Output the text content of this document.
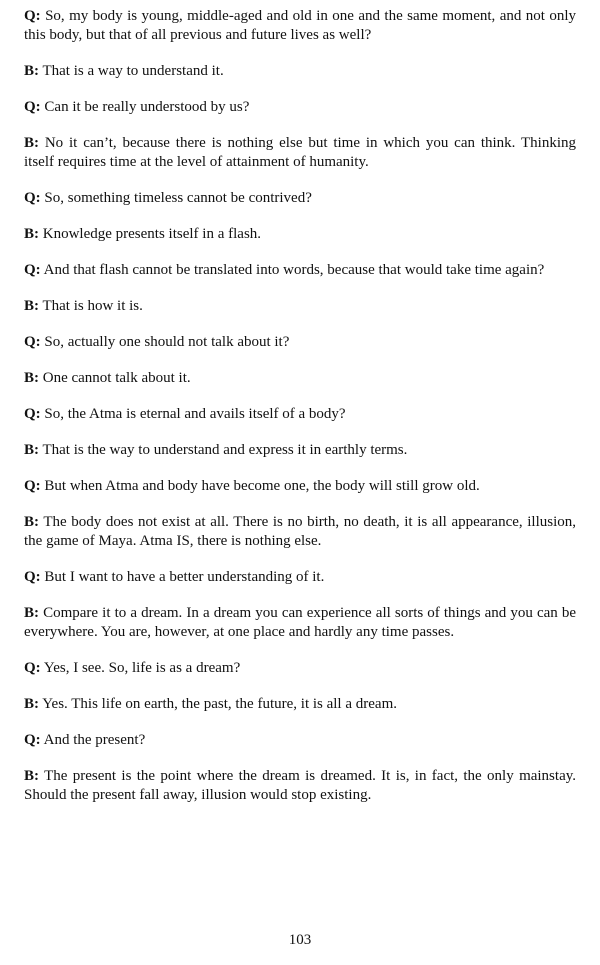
Q: So, my body is young, middle-aged and old in one and the same moment, and not only this body, but that of all previous and future lives as well?

B: That is a way to understand it.

Q: Can it be really understood by us?

B: No it can’t, because there is nothing else but time in which you can think. Thinking itself requires time at the level of attainment of humanity.

Q: So, something timeless cannot be contrived?

B: Knowledge presents itself in a flash.

Q: And that flash cannot be translated into words, because that would take time again?

B: That is how it is.

Q: So, actually one should not talk about it?

B: One cannot talk about it.

Q: So, the Atma is eternal and avails itself of a body?

B: That is the way to understand and express it in earthly terms.

Q: But when Atma and body have become one, the body will still grow old.

B: The body does not exist at all. There is no birth, no death, it is all appearance, illusion, the game of Maya. Atma IS, there is nothing else.

Q: But I want to have a better understanding of it.

B: Compare it to a dream. In a dream you can experience all sorts of things and you can be everywhere. You are, however, at one place and hardly any time passes.

Q: Yes, I see. So, life is as a dream?

B: Yes. This life on earth, the past, the future, it is all a dream.

Q: And the present?

B: The present is the point where the dream is dreamed. It is, in fact, the only mainstay. Should the present fall away, illusion would stop existing.

103
